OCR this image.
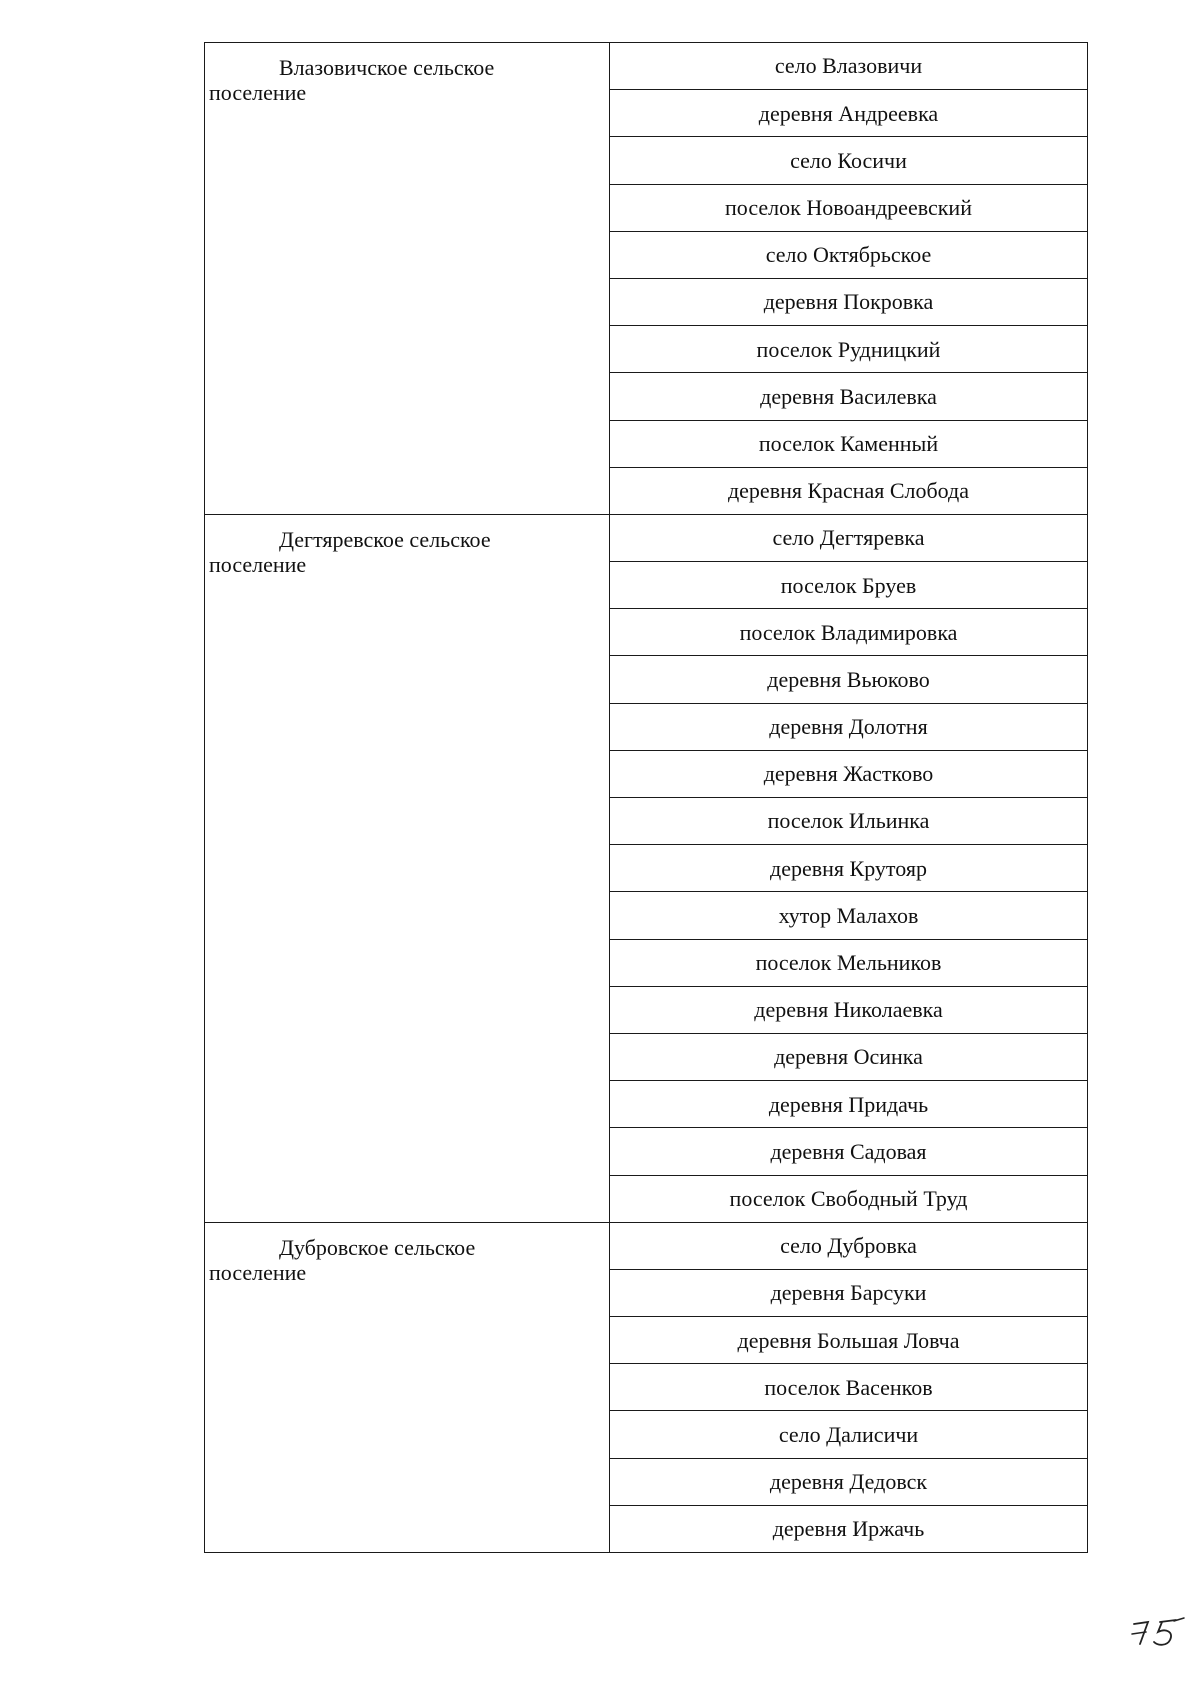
Влазовичское сельское
поселение	село Влазовичи
	деревня Андреевка
	село Косичи
	поселок Новоандреевский
	село Октябрьское
	деревня Покровка
	поселок Рудницкий
	деревня Василевка
	поселок Каменный
	деревня Красная Слобода

Дегтяревское сельское
поселение	село Дегтяревка
	поселок Бруев
	поселок Владимировка
	деревня Вьюково
	деревня Долотня
	деревня Жастково
	поселок Ильинка
	деревня Крутояр
	хутор Малахов
	поселок Мельников
	деревня Николаевка
	деревня Осинка
	деревня Придачь
	деревня Садовая
	поселок Свободный Труд

Дубровское сельское
поселение	село Дубровка
	деревня Барсуки
	деревня Большая Ловча
	поселок Васенков
	село Далисичи
	деревня Дедовск
	деревня Иржачь
